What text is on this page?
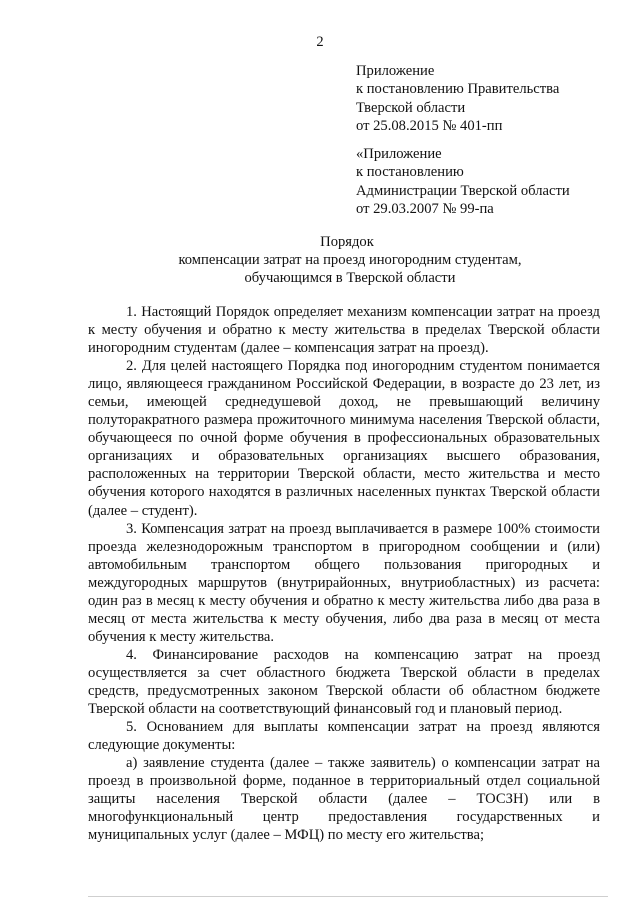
2
Приложение
к постановлению Правительства
Тверской области
от 25.08.2015 № 401-пп
«Приложение
к постановлению
Администрации Тверской области
от 29.03.2007 № 99-па
Порядок
компенсации затрат на проезд иногородним студентам,
обучающимся в Тверской области

1. Настоящий Порядок определяет механизм компенсации затрат на проезд к месту обучения и обратно к месту жительства в пределах Тверской области иногородним студентам (далее – компенсация затрат на проезд).

2. Для целей настоящего Порядка под иногородним студентом понимается лицо, являющееся гражданином Российской Федерации, в возрасте до 23 лет, из семьи, имеющей среднедушевой доход, не превышающий величину полуторакратного размера прожиточного минимума населения Тверской области, обучающееся по очной форме обучения в профессиональных образовательных организациях и образовательных организациях высшего образования, расположенных на территории Тверской области, место жительства и место обучения которого находятся в различных населенных пунктах Тверской области (далее – студент).

3. Компенсация затрат на проезд выплачивается в размере 100% стоимости проезда железнодорожным транспортом в пригородном сообщении и (или) автомобильным транспортом общего пользования пригородных и междугородных маршрутов (внутрирайонных, внутриобластных) из расчета: один раз в месяц к месту обучения и обратно к месту жительства либо два раза в месяц от места жительства к месту обучения, либо два раза в месяц от места обучения к месту жительства.

4. Финансирование расходов на компенсацию затрат на проезд осуществляется за счет областного бюджета Тверской области в пределах средств, предусмотренных законом Тверской области об областном бюджете Тверской области на соответствующий финансовый год и плановый период.

5. Основанием для выплаты компенсации затрат на проезд являются следующие документы:

а) заявление студента (далее – также заявитель) о компенсации затрат на проезд в произвольной форме, поданное в территориальный отдел социальной защиты населения Тверской области (далее – ТОСЗН) или в многофункциональный центр предоставления государственных и муниципальных услуг (далее – МФЦ) по месту его жительства;
